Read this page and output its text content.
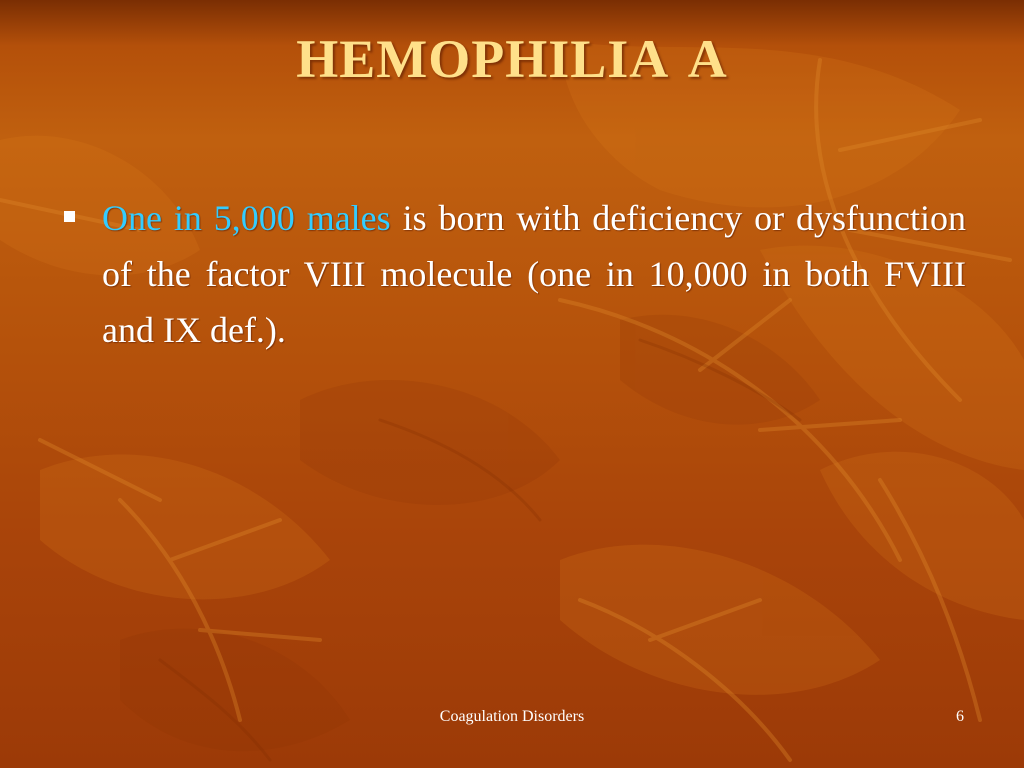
HEMOPHILIA A
One in 5,000 males is born with deficiency or dysfunction of the factor VIII molecule (one in 10,000 in both FVIII and IX def.).
Coagulation Disorders	6
